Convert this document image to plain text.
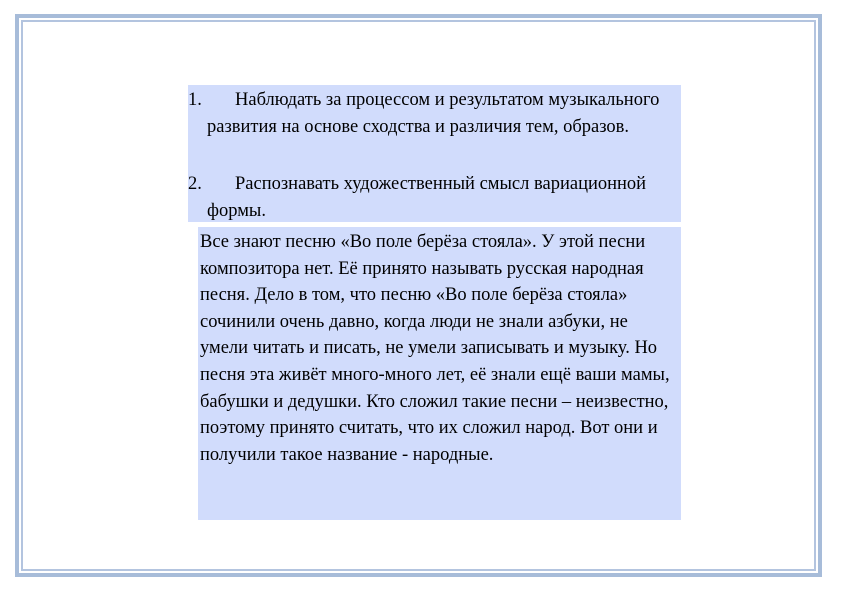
1.	Наблюдать за процессом и результатом музыкального развития на основе сходства и различия тем, образов.
2.	Распознавать художественный смысл вариационной формы.

Все знают песню «Во поле берёза стояла». У этой песни композитора нет. Её принято называть русская народная песня. Дело в том, что песню «Во поле берёза стояла» сочинили очень давно, когда люди не знали азбуки, не умели читать и писать, не умели записывать и музыку. Но песня эта живёт много-много лет, её знали ещё ваши мамы, бабушки и дедушки. Кто сложил такие песни – неизвестно, поэтому принято считать, что их сложил народ. Вот они и получили такое название - народные.
